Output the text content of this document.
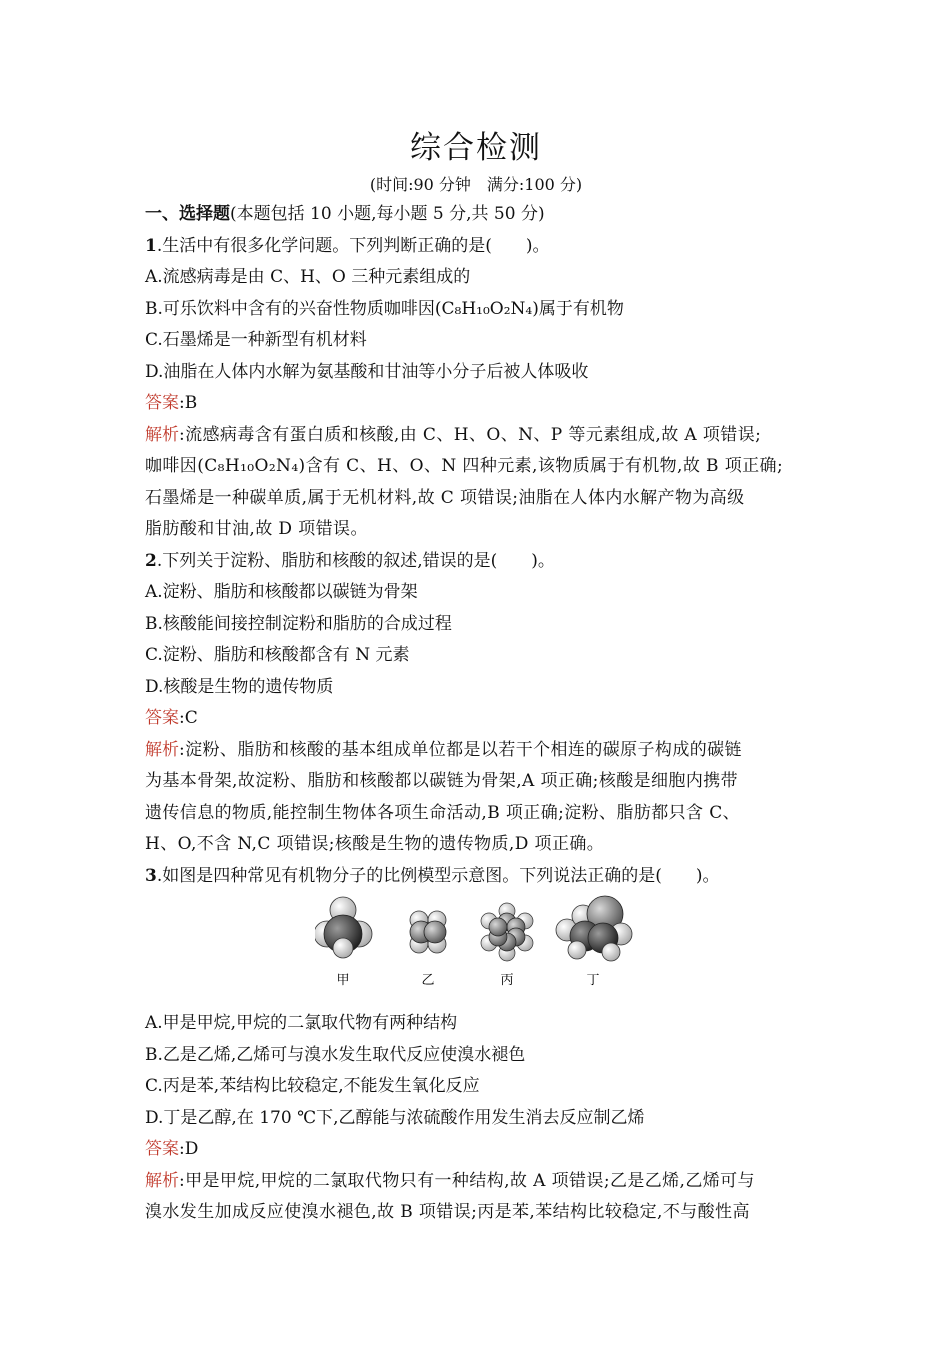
综合检测
(时间:90 分钟　满分:100 分)
一、选择题(本题包括 10 小题,每小题 5 分,共 50 分)
1.生活中有很多化学问题。下列判断正确的是(　　)。
A.流感病毒是由 C、H、O 三种元素组成的
B.可乐饮料中含有的兴奋性物质咖啡因(C₈H₁₀O₂N₄)属于有机物
C.石墨烯是一种新型有机材料
D.油脂在人体内水解为氨基酸和甘油等小分子后被人体吸收
答案:B
解析:流感病毒含有蛋白质和核酸,由 C、H、O、N、P 等元素组成,故 A 项错误;
咖啡因(C₈H₁₀O₂N₄)含有 C、H、O、N 四种元素,该物质属于有机物,故 B 项正确;
石墨烯是一种碳单质,属于无机材料,故 C 项错误;油脂在人体内水解产物为高级
脂肪酸和甘油,故 D 项错误。
2.下列关于淀粉、脂肪和核酸的叙述,错误的是(　　)。
A.淀粉、脂肪和核酸都以碳链为骨架
B.核酸能间接控制淀粉和脂肪的合成过程
C.淀粉、脂肪和核酸都含有 N 元素
D.核酸是生物的遗传物质
答案:C
解析:淀粉、脂肪和核酸的基本组成单位都是以若干个相连的碳原子构成的碳链
为基本骨架,故淀粉、脂肪和核酸都以碳链为骨架,A 项正确;核酸是细胞内携带
遗传信息的物质,能控制生物体各项生命活动,B 项正确;淀粉、脂肪都只含 C、
H、O,不含 N,C 项错误;核酸是生物的遗传物质,D 项正确。
3.如图是四种常见有机物分子的比例模型示意图。下列说法正确的是(　　)。
甲	乙	丙	丁
A.甲是甲烷,甲烷的二氯取代物有两种结构
B.乙是乙烯,乙烯可与溴水发生取代反应使溴水褪色
C.丙是苯,苯结构比较稳定,不能发生氧化反应
D.丁是乙醇,在 170 ℃下,乙醇能与浓硫酸作用发生消去反应制乙烯
答案:D
解析:甲是甲烷,甲烷的二氯取代物只有一种结构,故 A 项错误;乙是乙烯,乙烯可与
溴水发生加成反应使溴水褪色,故 B 项错误;丙是苯,苯结构比较稳定,不与酸性高
